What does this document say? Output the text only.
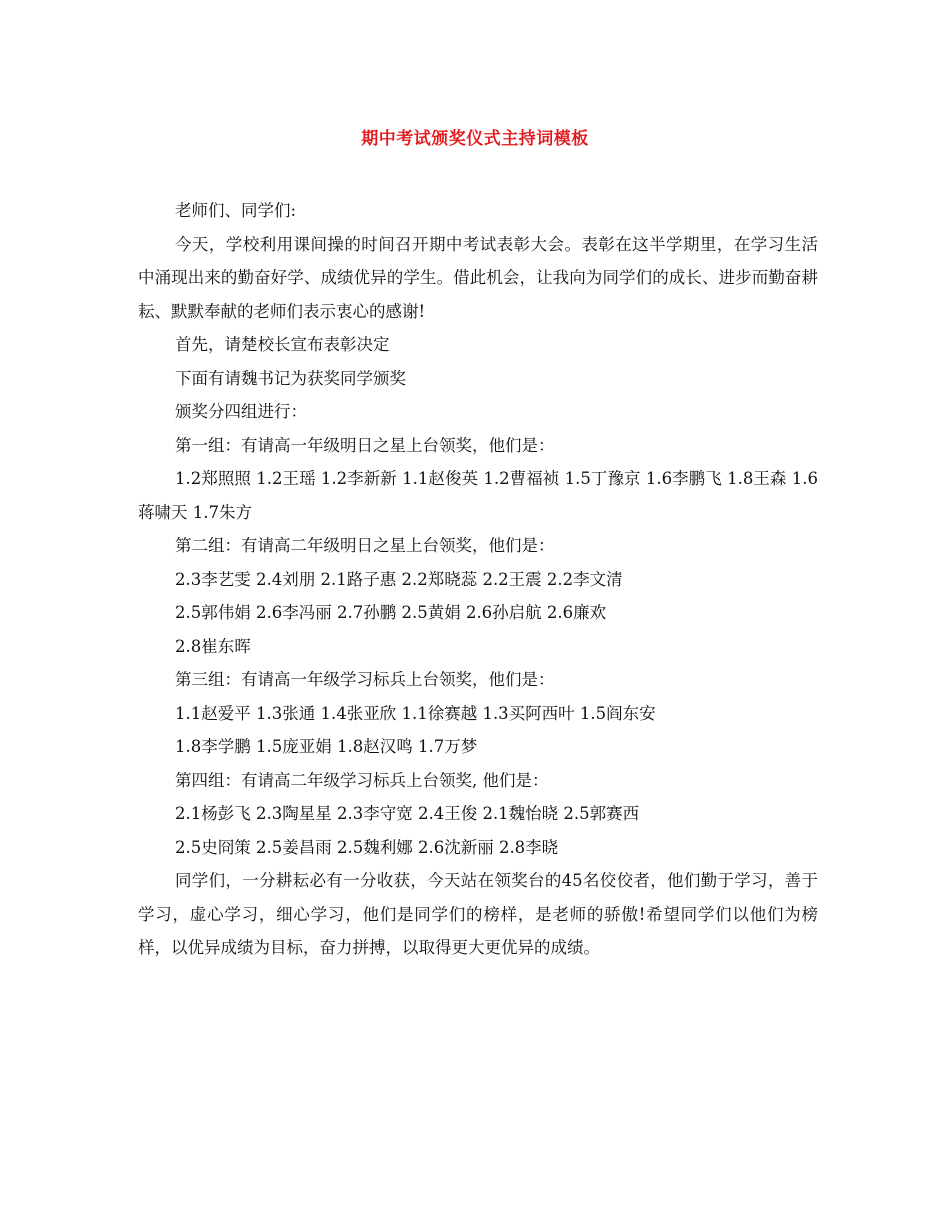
期中考试颁奖仪式主持词模板

老师们、同学们:

今天，学校利用课间操的时间召开期中考试表彰大会。表彰在这半学期里，在学习生活中涌现出来的勤奋好学、成绩优异的学生。借此机会，让我向为同学们的成长、进步而勤奋耕耘、默默奉献的老师们表示衷心的感谢!

首先，请楚校长宣布表彰决定

下面有请魏书记为获奖同学颁奖

颁奖分四组进行：

第一组：有请高一年级明日之星上台领奖，他们是：

1.2郑照照 1.2王瑶 1.2李新新 1.1赵俊英 1.2曹福祯 1.5丁豫京 1.6李鹏飞 1.8王森 1.6蒋啸天 1.7朱方

第二组：有请高二年级明日之星上台领奖，他们是：

2.3李艺雯 2.4刘朋 2.1路子惠 2.2郑晓蕊 2.2王震 2.2李文清

2.5郭伟娟 2.6李冯丽 2.7孙鹏 2.5黄娟 2.6孙启航 2.6廉欢

2.8崔东晖

第三组：有请高一年级学习标兵上台领奖，他们是：

1.1赵爱平 1.3张通 1.4张亚欣 1.1徐赛越 1.3买阿西叶 1.5阎东安

1.8李学鹏 1.5庞亚娟 1.8赵汉鸣 1.7万梦

第四组：有请高二年级学习标兵上台领奖, 他们是：

2.1杨彭飞 2.3陶星星 2.3李守宽 2.4王俊 2.1魏怡晓 2.5郭赛西

2.5史冏策 2.5姜昌雨 2.5魏利娜 2.6沈新丽 2.8李晓

同学们，一分耕耘必有一分收获，今天站在领奖台的45名佼佼者，他们勤于学习，善于学习，虚心学习，细心学习，他们是同学们的榜样，是老师的骄傲!希望同学们以他们为榜样，以优异成绩为目标，奋力拼搏，以取得更大更优异的成绩。
